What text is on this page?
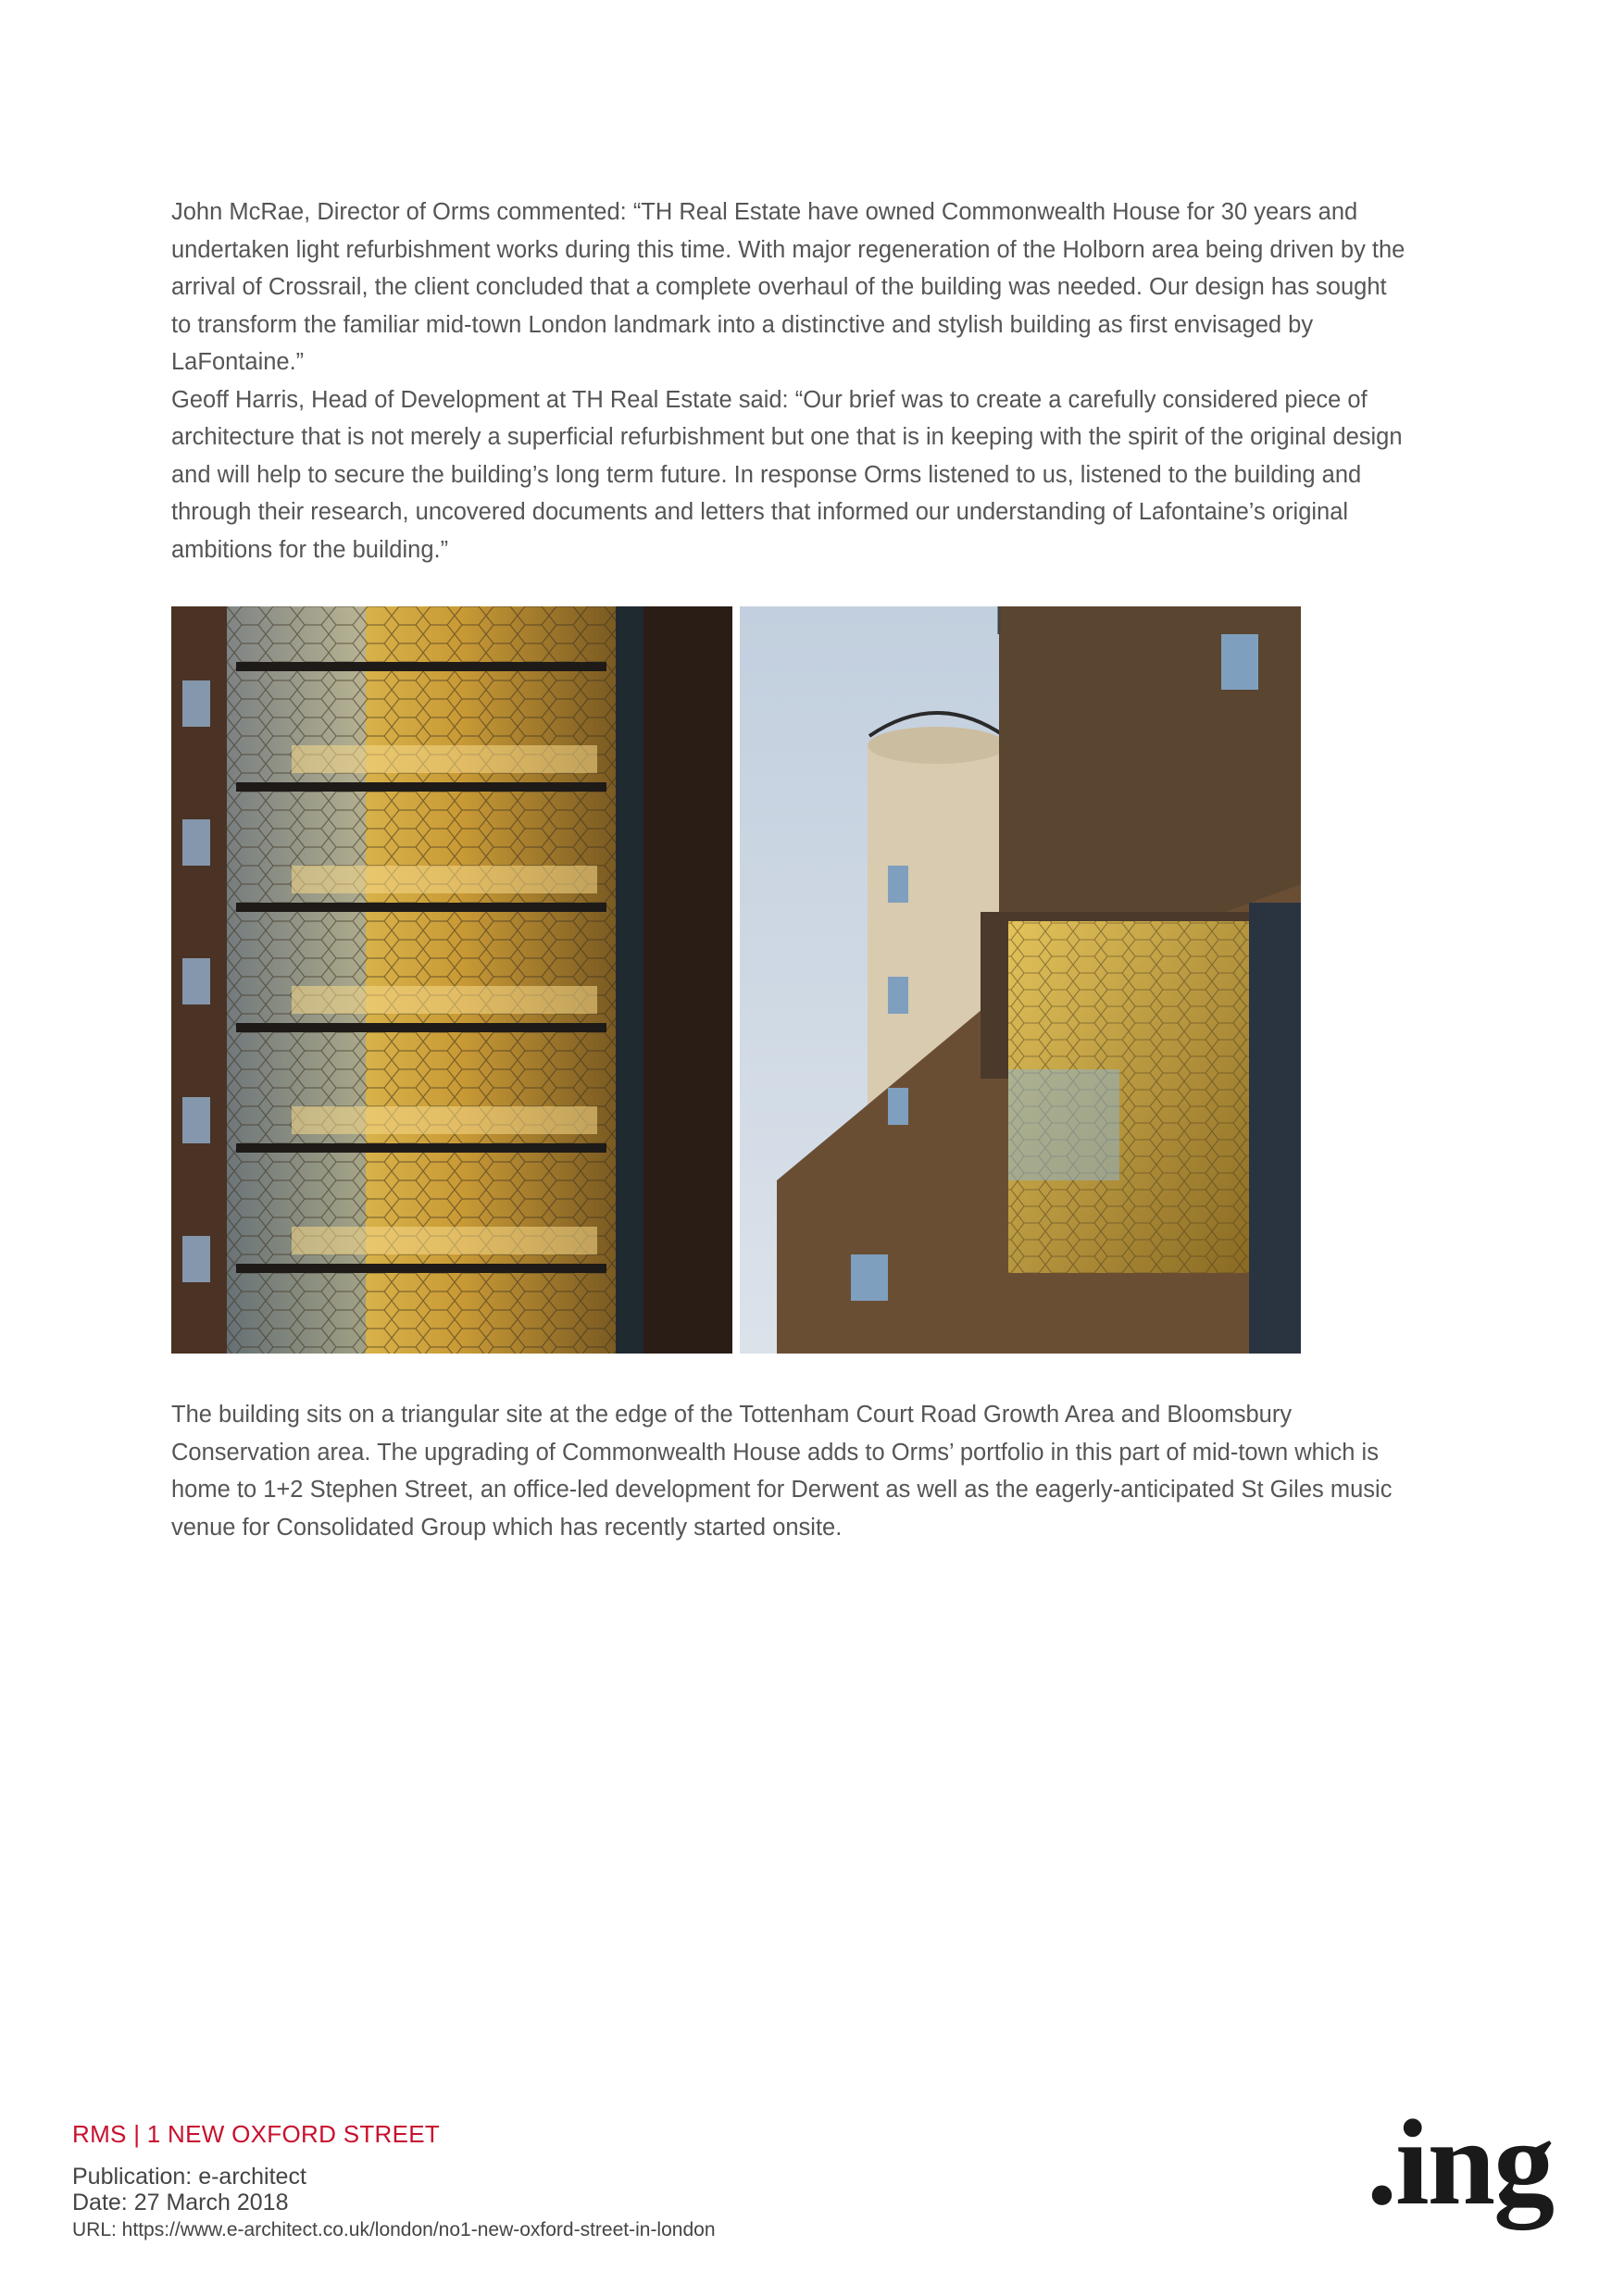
John McRae, Director of Orms commented: “TH Real Estate have owned Commonwealth House for 30 years and undertaken light refurbishment works during this time. With major regeneration of the Holborn area being driven by the arrival of Crossrail, the client concluded that a complete overhaul of the building was needed. Our design has sought to transform the familiar mid-town London landmark into a distinctive and stylish building as first envisaged by LaFontaine.”

Geoff Harris, Head of Development at TH Real Estate said: “Our brief was to create a carefully considered piece of architecture that is not merely a superficial refurbishment but one that is in keeping with the spirit of the original design and will help to secure the building’s long term future. In response Orms listened to us, listened to the building and through their research, uncovered documents and letters that informed our understanding of Lafontaine’s original ambitions for the building.”

The building sits on a triangular site at the edge of the Tottenham Court Road Growth Area and Bloomsbury Conservation area. The upgrading of Commonwealth House adds to Orms’ portfolio in this part of mid-town which is home to 1+2 Stephen Street, an office-led development for Derwent as well as the eagerly-anticipated St Giles music venue for Consolidated Group which has recently started onsite.

RMS | 1 NEW OXFORD STREET
Publication: e-architect
Date: 27 March 2018
URL: https://www.e-architect.co.uk/london/no1-new-oxford-street-in-london	.ing
